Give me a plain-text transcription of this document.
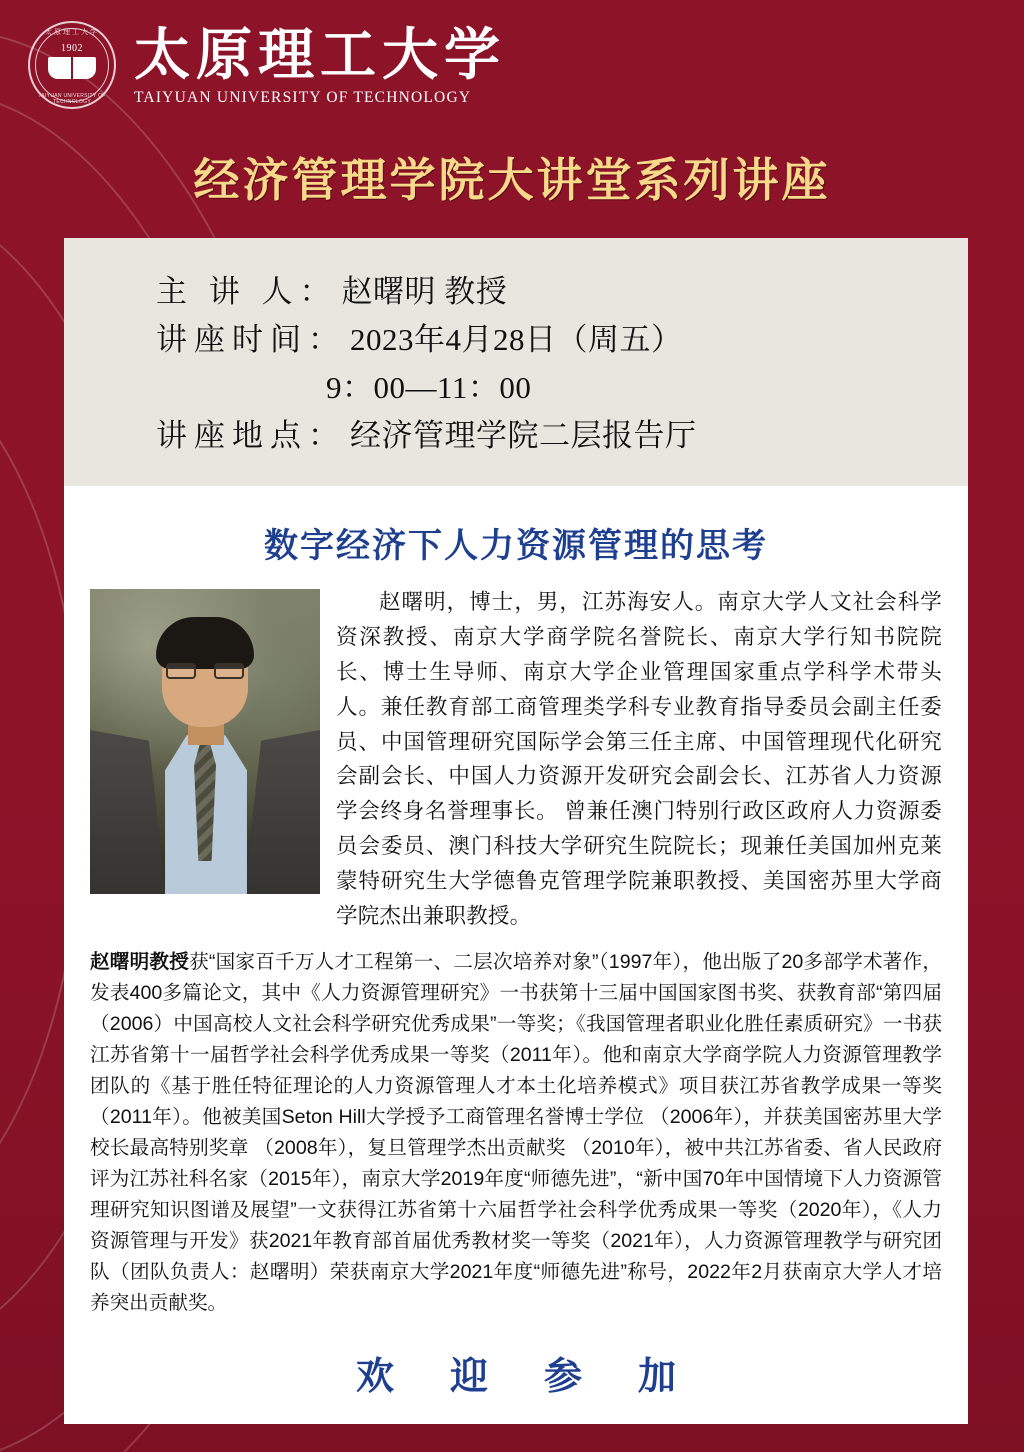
太原理工大学
TAIYUAN UNIVERSITY OF TECHNOLOGY
1902 太原理工大学
TAIYUAN UNIVERSITY OF TECHNOLOGY
经济管理学院大讲堂系列讲座
主 讲 人： 赵曙明 教授
讲座时间： 2023年4月28日（周五）
9：00—11：00
讲座地点： 经济管理学院二层报告厅
数字经济下人力资源管理的思考
赵曙明，博士，男，江苏海安人。南京大学人文社会科学资深教授、南京大学商学院名誉院长、南京大学行知书院院长、博士生导师、南京大学企业管理国家重点学科学术带头人。兼任教育部工商管理类学科专业教育指导委员会副主任委员、中国管理研究国际学会第三任主席、中国管理现代化研究会副会长、中国人力资源开发研究会副会长、江苏省人力资源学会终身名誉理事长。 曾兼任澳门特别行政区政府人力资源委员会委员、澳门科技大学研究生院院长；现兼任美国加州克莱蒙特研究生大学德鲁克管理学院兼职教授、美国密苏里大学商学院杰出兼职教授。
赵曙明教授获“国家百千万人才工程第一、二层次培养对象”（1997年），他出版了20多部学术著作，发表400多篇论文，其中《人力资源管理研究》一书获第十三届中国国家图书奖、获教育部“第四届（2006）中国高校人文社会科学研究优秀成果”一等奖；《我国管理者职业化胜任素质研究》一书获江苏省第十一届哲学社会科学优秀成果一等奖（2011年）。他和南京大学商学院人力资源管理教学团队的《基于胜任特征理论的人力资源管理人才本土化培养模式》项目获江苏省教学成果一等奖（2011年）。他被美国Seton Hill大学授予工商管理名誉博士学位 （2006年），并获美国密苏里大学校长最高特别奖章 （2008年），复旦管理学杰出贡献奖 （2010年），被中共江苏省委、省人民政府评为江苏社科名家（2015年），南京大学2019年度“师德先进”，“新中国70年中国情境下人力资源管理研究知识图谱及展望”一文获得江苏省第十六届哲学社会科学优秀成果一等奖（2020年），《人力资源管理与开发》获2021年教育部首届优秀教材奖一等奖（2021年），人力资源管理教学与研究团队（团队负责人：赵曙明）荣获南京大学2021年度“师德先进”称号，2022年2月获南京大学人才培养突出贡献奖。
欢迎参加
